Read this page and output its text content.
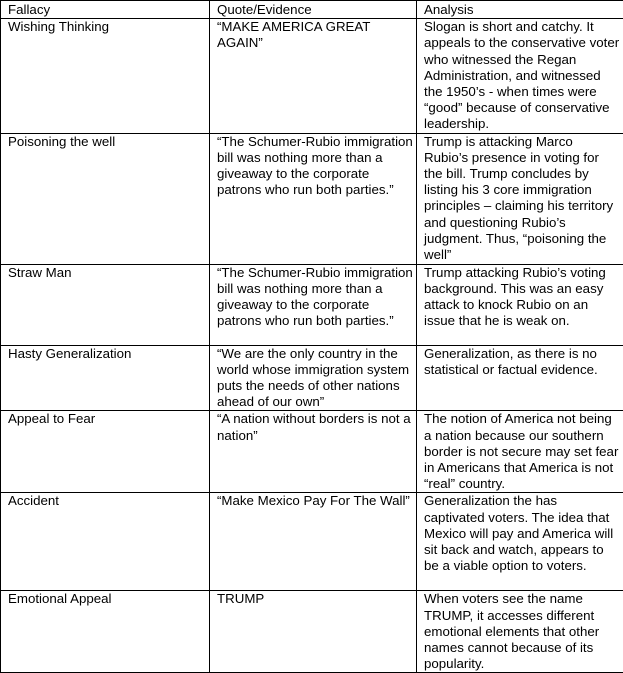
Fallacy	Quote/Evidence	Analysis
Wishing Thinking	“MAKE AMERICA GREAT AGAIN”	Slogan is short and catchy. It appeals to the conservative voter who witnessed the Regan Administration, and witnessed the 1950’s - when times were “good” because of conservative leadership.
Poisoning the well	“The Schumer-Rubio immigration bill was nothing more than a giveaway to the corporate patrons who run both parties.”	Trump is attacking Marco Rubio’s presence in voting for the bill. Trump concludes by listing his 3 core immigration principles – claiming his territory and questioning Rubio’s judgment. Thus, “poisoning the well”
Straw Man	“The Schumer-Rubio immigration bill was nothing more than a giveaway to the corporate patrons who run both parties.”	Trump attacking Rubio’s voting background. This was an easy attack to knock Rubio on an issue that he is weak on.
Hasty Generalization	“We are the only country in the world whose immigration system puts the needs of other nations ahead of our own”	Generalization, as there is no statistical or factual evidence.
Appeal to Fear	“A nation without borders is not a nation”	The notion of America not being a nation because our southern border is not secure may set fear in Americans that America is not “real” country.
Accident	“Make Mexico Pay For The Wall”	Generalization the has captivated voters. The idea that Mexico will pay and America will sit back and watch, appears to be a viable option to voters.
Emotional Appeal	TRUMP	When voters see the name TRUMP, it accesses different emotional elements that other names cannot because of its popularity.
